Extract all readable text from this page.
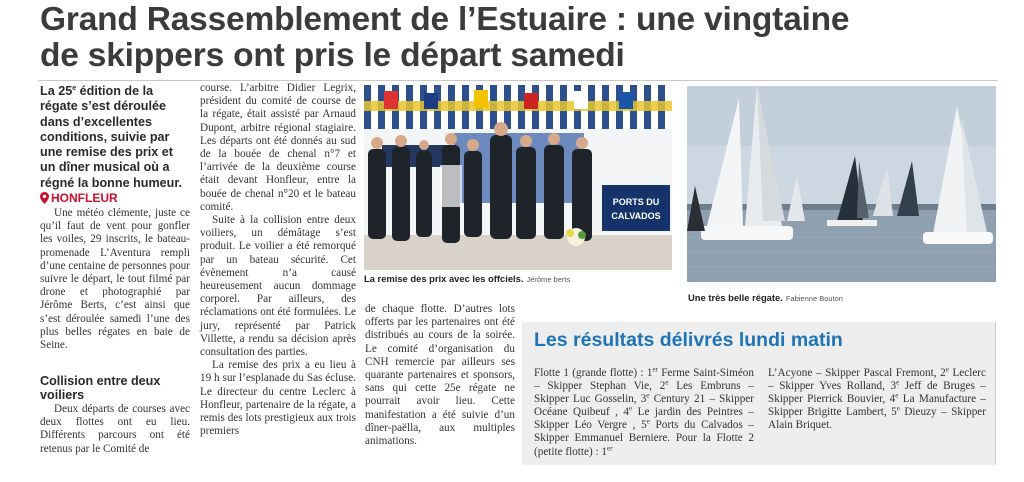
Grand Rassemblement de l’Estuaire : une vingtaine
de skippers ont pris le départ samedi
La 25e édition de la régate s’est déroulée dans d’excellentes conditions, suivie par une remise des prix et un dîner musical où a régné la bonne humeur.
HONFLEUR
Une météo clémente, juste ce qu’il faut de vent pour gonfler les voiles, 29 inscrits, le bateau-promenade L’Aventura rempli d’une centaine de personnes pour suivre le départ, le tout filmé par drone et photographié par Jérôme Berts, c’est ainsi que s’est déroulée samedi l’une des plus belles régates en baie de Seine.
Collision entre deux voiliers
Deux départs de courses avec deux flottes ont eu lieu. Différents parcours ont été retenus par le Comité de
course. L’arbitre Didier Legrix, président du comité de course de la régate, était assisté par Arnaud Dupont, arbitre régional stagiaire. Les départs ont été donnés au sud de la bouée de chenal n°7 et l’arrivée de la deuxième course était devant Honfleur, entre la bouée de chenal n°20 et le bateau comité.
Suite à la collision entre deux voiliers, un démâtage s’est produit. Le voilier a été remorqué par un bateau sécurité. Cet évènement n’a causé heureusement aucun dommage corporel. Par ailleurs, des réclamations ont été formulées. Le jury, représenté par Patrick Villette, a rendu sa décision après consultation des parties.
La remise des prix a eu lieu à 19 h sur l’esplanade du Sas écluse. Le directeur du centre Leclerc à Honfleur, partenaire de la régate, a remis des lots prestigieux aux trois premiers
PORTS DU
CALVADOS
La remise des prix avec les offciels. Jérôme berts
Une très belle régate. Fabienne Bouton
de chaque flotte. D’autres lots offerts par les partenaires ont été distribués au cours de la soirée. Le comité d’organisation du CNH remercie par ailleurs ses quarante partenaires et sponsors, sans qui cette 25e régate ne pourrait avoir lieu. Cette manifestation a été suivie d’un dîner-paëlla, aux multiples animations.
Les résultats délivrés lundi matin
Flotte 1 (grande flotte) : 1er Ferme Saint-Siméon – Skipper Stephan Vie, 2e Les Embruns – Skipper Luc Gosselin, 3e Century 21 – Skipper Océane Quibeuf , 4e Le jardin des Peintres – Skipper Léo Vergre , 5e Ports du Calvados – Skipper Emmanuel Berniere. Pour la Flotte 2 (petite flotte) : 1er
L’Acyone – Skipper Pascal Fremont, 2e Leclerc – Skipper Yves Rolland, 3e Jeff de Bruges – Skipper Pierrick Bouvier, 4e La Manufacture – Skipper Brigitte Lambert, 5e Dieuzy – Skipper Alain Briquet.
